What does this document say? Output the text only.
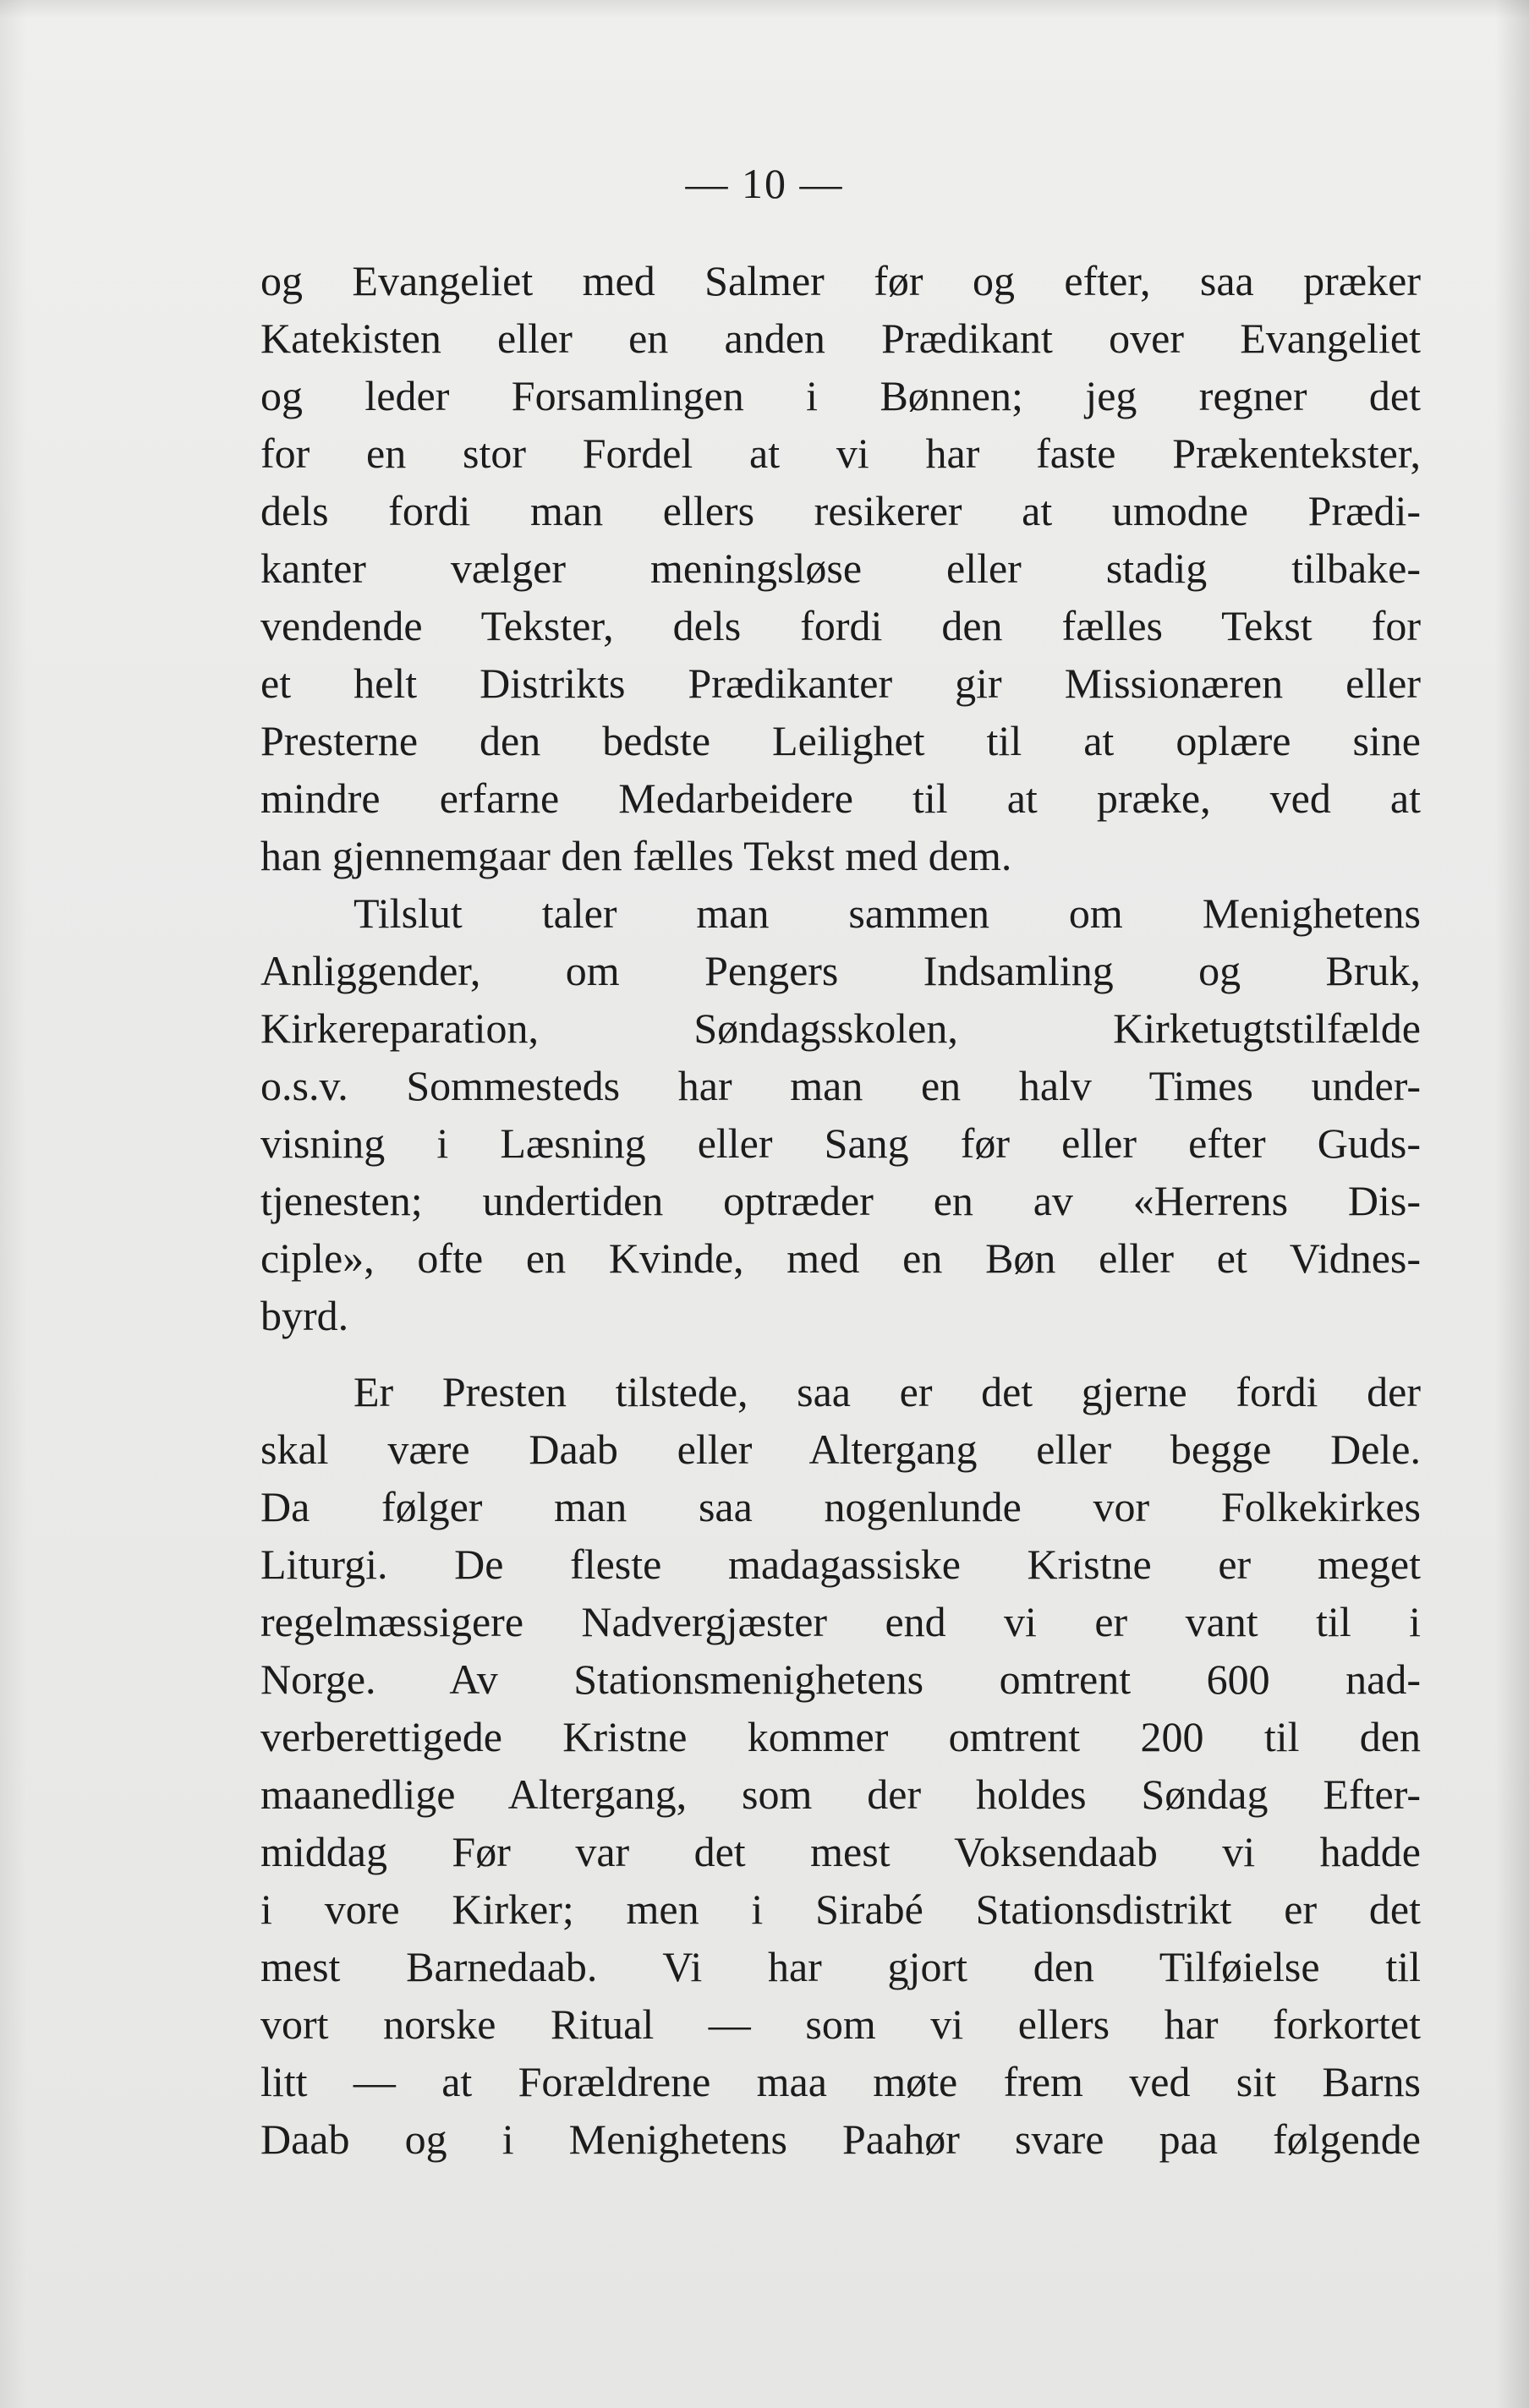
— 10 —
og Evangeliet med Salmer før og efter, saa præker
Katekisten eller en anden Prædikant over Evangeliet
og leder Forsamlingen i Bønnen; jeg regner det
for en stor Fordel at vi har faste Prækentekster,
dels fordi man ellers resikerer at umodne Prædi-
kanter vælger meningsløse eller stadig tilbake-
vendende Tekster, dels fordi den fælles Tekst for
et helt Distrikts Prædikanter gir Missionæren eller
Presterne den bedste Leilighet til at oplære sine
mindre erfarne Medarbeidere til at præke, ved at
han gjennemgaar den fælles Tekst med dem.
Tilslut taler man sammen om Menighetens
Anliggender, om Pengers Indsamling og Bruk,
Kirkereparation, Søndagsskolen, Kirketugtstilfælde
o.s.v. Sommesteds har man en halv Times under-
visning i Læsning eller Sang før eller efter Guds-
tjenesten; undertiden optræder en av «Herrens Dis-
ciple», ofte en Kvinde, med en Bøn eller et Vidnes-
byrd.
Er Presten tilstede, saa er det gjerne fordi der
skal være Daab eller Altergang eller begge Dele.
Da følger man saa nogenlunde vor Folkekirkes
Liturgi. De fleste madagassiske Kristne er meget
regelmæssigere Nadvergjæster end vi er vant til i
Norge. Av Stationsmenighetens omtrent 600 nad-
verberettigede Kristne kommer omtrent 200 til den
maanedlige Altergang, som der holdes Søndag Efter-
middag Før var det mest Voksendaab vi hadde
i vore Kirker; men i Sirabé Stationsdistrikt er det
mest Barnedaab. Vi har gjort den Tilføielse til
vort norske Ritual — som vi ellers har forkortet
litt — at Forældrene maa møte frem ved sit Barns
Daab og i Menighetens Paahør svare paa følgende
